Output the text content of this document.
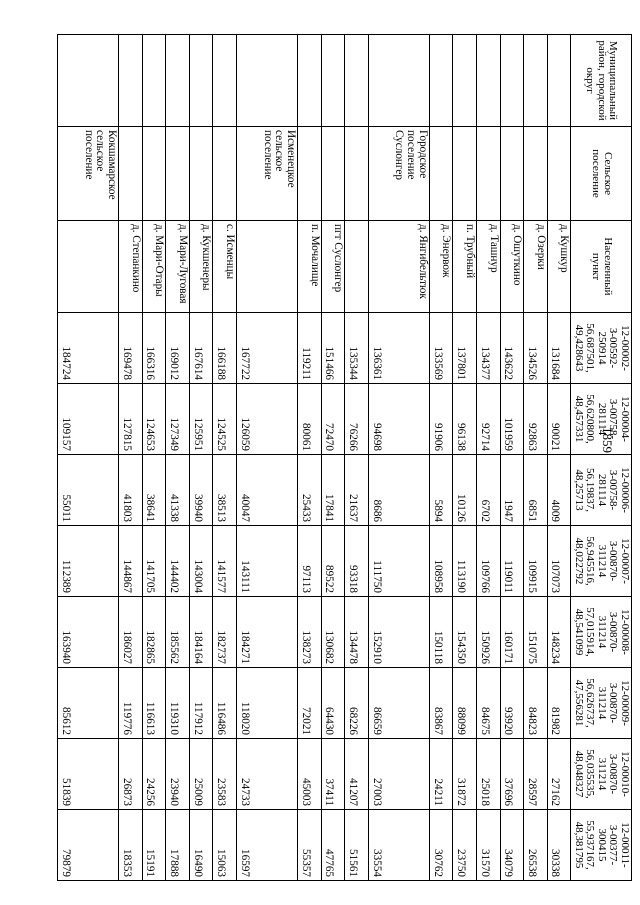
1859
Муниципальный район, городской округ	Сельское поселение	Населенный пункт	12-00002-З-00592- 250914 56,687501, 49,428643	12-00004-З-00758- 281114 56,620800, 48,457331	12-00006-З-00758-281114 56,19837, 48,25713	12-00007-З-00870- 311214 56,945516, 48,022792	12-00008-З-00870- 311214 57,015914, 48,541099	12-00009-З-00870- 311214 56,626737, 47,556281	12-00010-З-00870- 311214 56,035535, 48,048327	12-00011-З-00377- 300415 55,937167, 48,381795
		д. Кушкур	131684	90021	4009	107073	148234	81982	27162	30338
		д. Озерки	134526	92863	6851	109915	151075	84823	28597	26538
		д. Ошуткино	143622	101959	1947	119011	160171	93920	37696	34079
		д. Ташнур	134377	92714	6702	109766	150926	84675	25018	31570
		п. Трубный	137801	96138	10126	113190	154350	88099	31872	23750
		д. Энервож	133569	91906	5894	108958	150118	83867	24211	30762
	Городское поселение Суслонгер	д. Янгибельтюк	136361	94698	8686	111750	152910	86659	27003	33554
			135344	76266	21637	93318	134478	68226	41207	51561
		пгт Суслонгер	151466	72470	17841	89522	130682	64430	37411	47765
		п. Мочалище	119211	80061	25433	97113	138273	72021	45003	55357
	Исменецкое сельское поселение		167722	126059	40047	143111	184271	118020	24733	16597
		с. Исменцы	166188	124525	38513	141577	182737	116486	23583	15063
		д. Кукшенеры	167614	125951	39940	143004	184164	117912	25009	16490
		д. Мари-Луговая	169012	127349	41338	144402	185562	119310	23940	17888
		д. Мари-Отары	166316	124653	38641	141705	182865	116613	24256	15191
		д. Степанкино	169478	127815	41803	144867	186027	119776	26873	18353
	Кокшамарское сельское поселение		184724	109157	55011	112389	163940	85612	51839	79879
